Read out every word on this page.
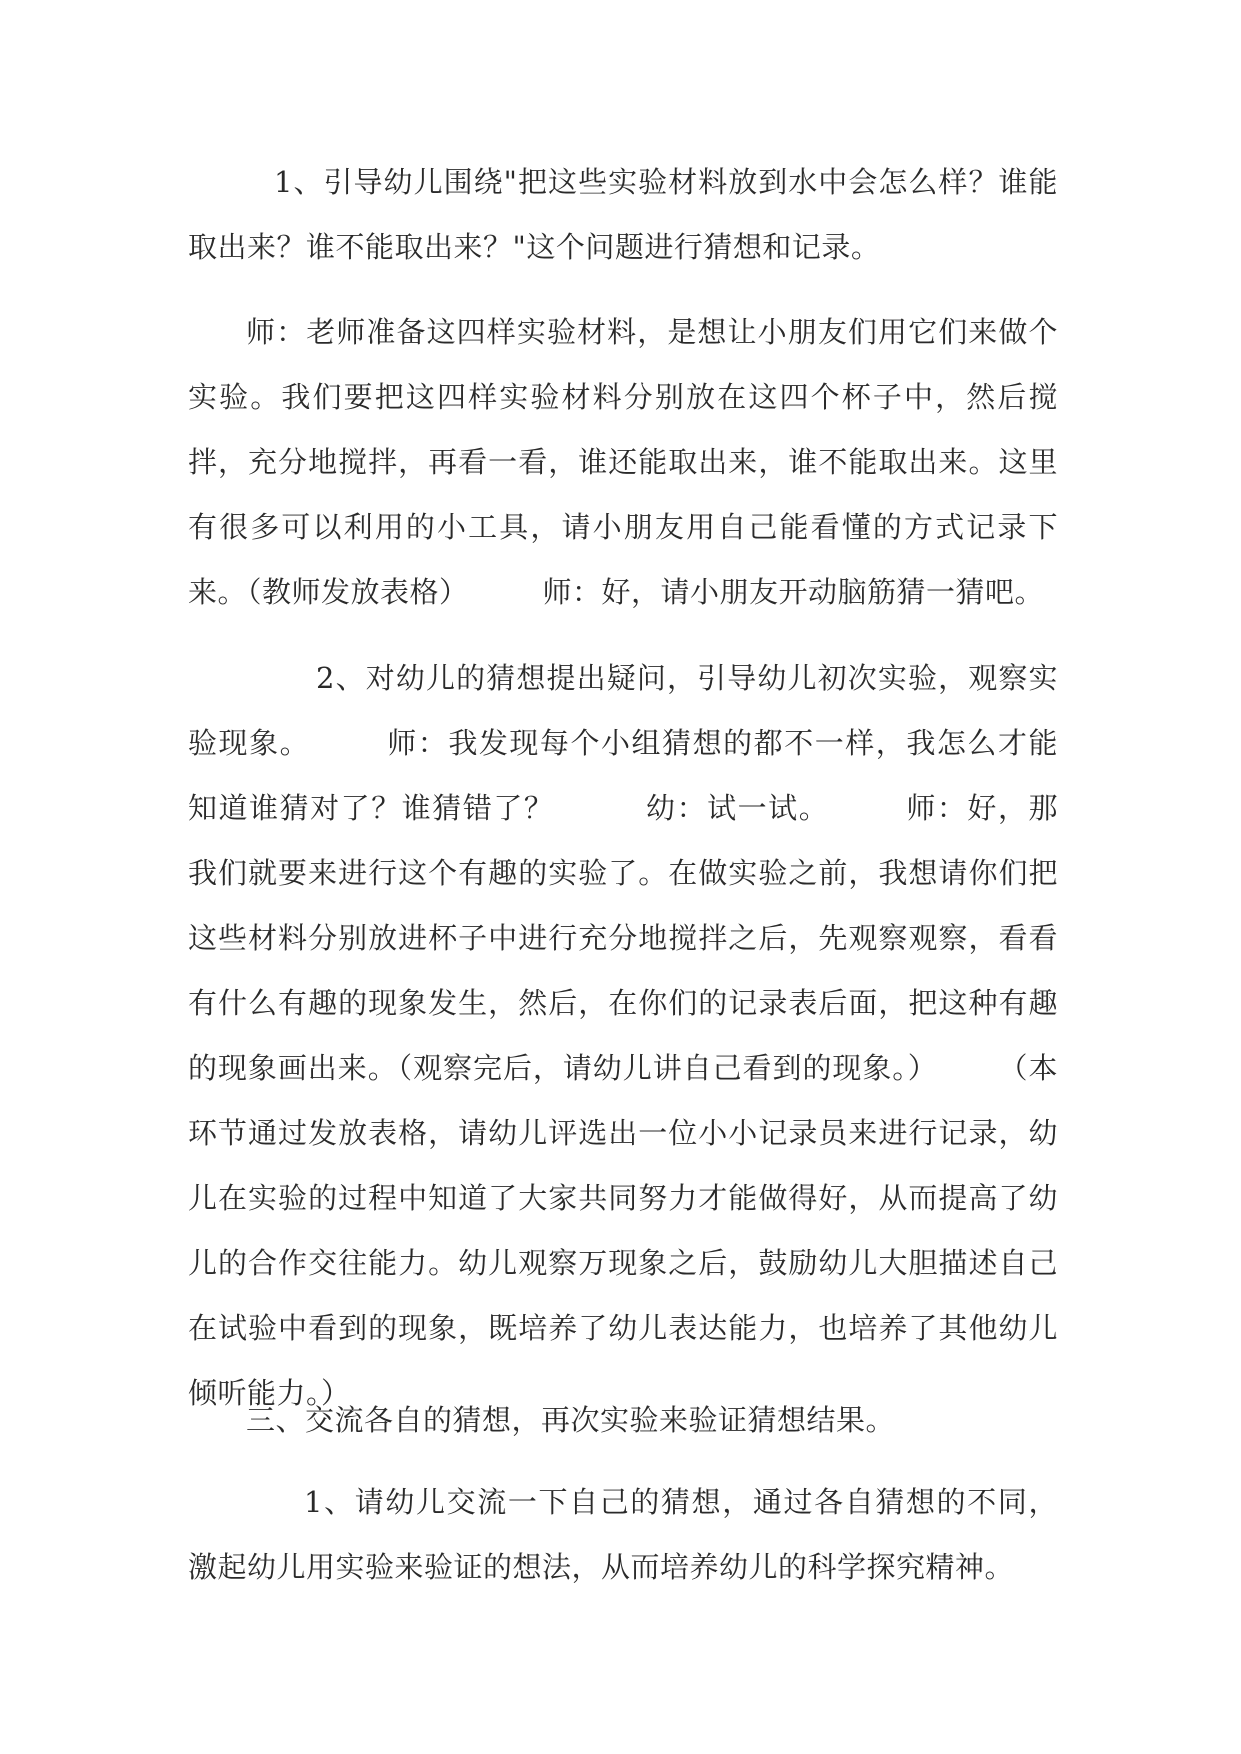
1、引导幼儿围绕"把这些实验材料放到水中会怎么样？谁能取出来？谁不能取出来？"这个问题进行猜想和记录。

师：老师准备这四样实验材料，是想让小朋友们用它们来做个实验。我们要把这四样实验材料分别放在这四个杯子中，然后搅拌，充分地搅拌，再看一看，谁还能取出来，谁不能取出来。这里有很多可以利用的小工具，请小朋友用自己能看懂的方式记录下来。（教师发放表格）　　　师：好，请小朋友开动脑筋猜一猜吧。

2、对幼儿的猜想提出疑问，引导幼儿初次实验，观察实验现象。　　　师：我发现每个小组猜想的都不一样，我怎么才能知道谁猜对了？谁猜错了？　　　幼：试一试。　　　师：好，那我们就要来进行这个有趣的实验了。在做实验之前，我想请你们把这些材料分别放进杯子中进行充分地搅拌之后，先观察观察，看看有什么有趣的现象发生，然后，在你们的记录表后面，把这种有趣的现象画出来。（观察完后，请幼儿讲自己看到的现象。）　　　（本环节通过发放表格，请幼儿评选出一位小小记录员来进行记录，幼儿在实验的过程中知道了大家共同努力才能做得好，从而提高了幼儿的合作交往能力。幼儿观察万现象之后，鼓励幼儿大胆描述自己在试验中看到的现象，既培养了幼儿表达能力，也培养了其他幼儿倾听能力。）

三、交流各自的猜想，再次实验来验证猜想结果。

1、请幼儿交流一下自己的猜想，通过各自猜想的不同，激起幼儿用实验来验证的想法，从而培养幼儿的科学探究精神。
